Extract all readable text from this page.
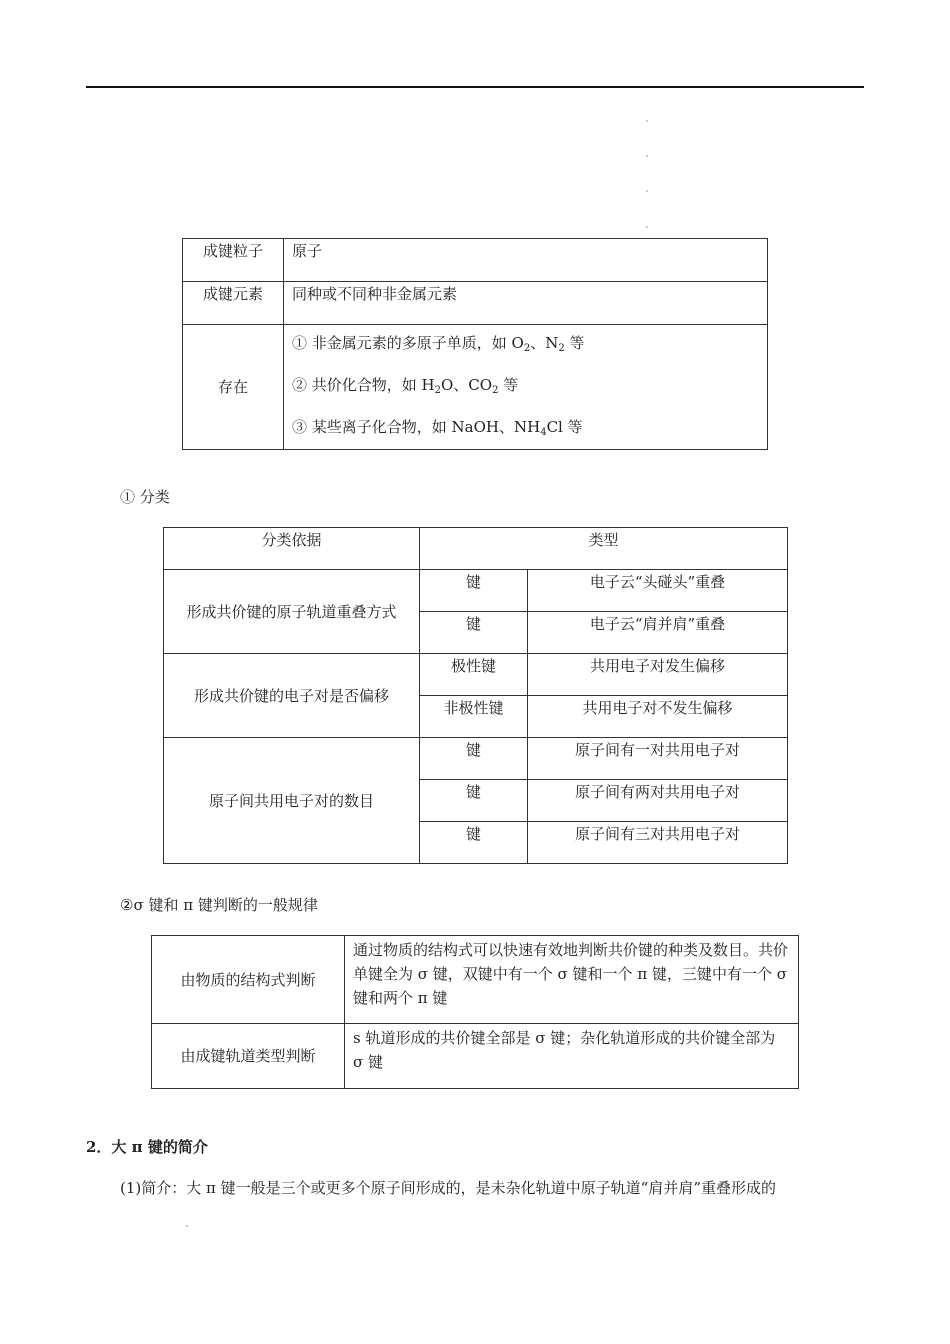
成键粒子	原子
成键元素	同种或不同种非金属元素
存在	① 非金属元素的多原子单质，如 $O_2$、$N_2$ 等
② 共价化合物，如 $H_2O$、$CO_2$ 等
③ 某些离子化合物，如 NaOH、$NH_4Cl$ 等
① 分类
分类依据	类型	
形成共价键的原子轨道重叠方式	键	电子云“头碰头”重叠
	键	电子云“肩并肩”重叠
形成共价键的电子对是否偏移	极性键	共用电子对发生偏移
	非极性键	共用电子对不发生偏移
原子间共用电子对的数目	键	原子间有一对共用电子对
	键	原子间有两对共用电子对
	键	原子间有三对共用电子对
②σ 键和 π 键判断的一般规律
由物质的结构式判断	通过物质的结构式可以快速有效地判断共价键的种类及数目。共价单键全为 σ 键，双键中有一个 σ 键和一个 π 键，三键中有一个 σ 键和两个 π 键
由成键轨道类型判断	s 轨道形成的共价键全部是 σ 键；杂化轨道形成的共价键全部为 σ 键
2．大 π 键的简介
(1)简介：大 π 键一般是三个或更多个原子间形成的，是未杂化轨道中原子轨道“肩并肩”重叠形成的
